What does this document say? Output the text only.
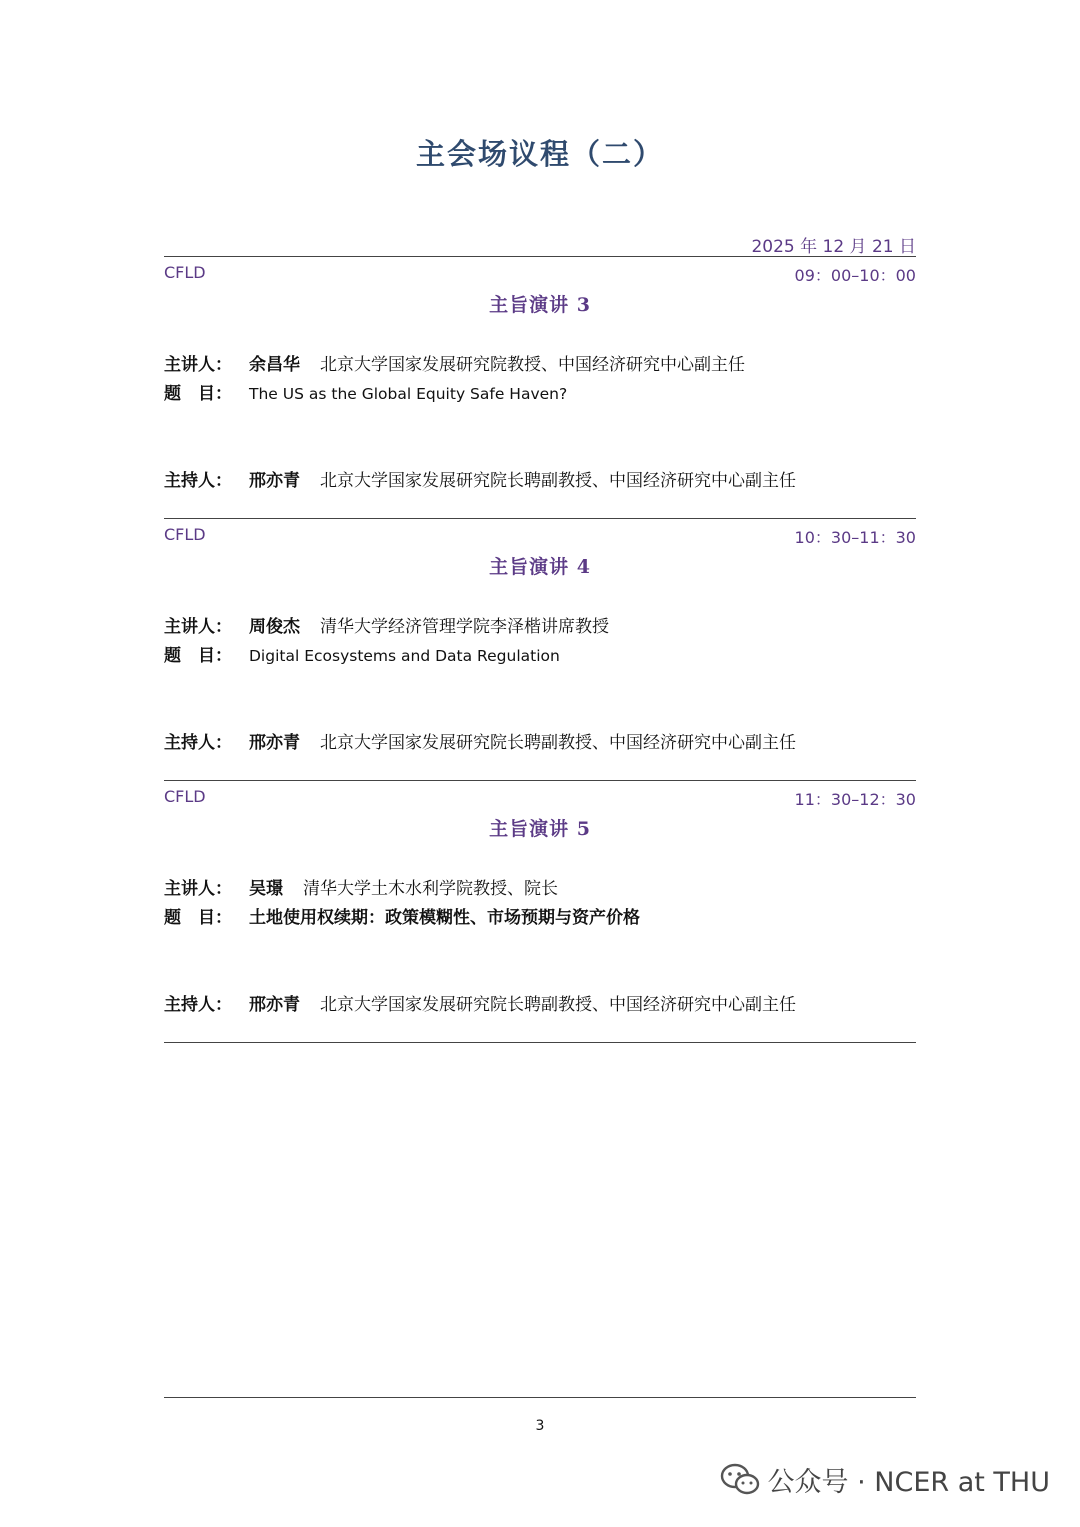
主会场议程（二）
2025 年 12 月 21 日
CFLD	09：00–10：00
主旨演讲 3
主讲人： 余昌华 北京大学国家发展研究院教授、中国经济研究中心副主任
题　目： The US as the Global Equity Safe Haven?
主持人： 邢亦青 北京大学国家发展研究院长聘副教授、中国经济研究中心副主任
CFLD	10：30–11：30
主旨演讲 4
主讲人： 周俊杰 清华大学经济管理学院李泽楷讲席教授
题　目： Digital Ecosystems and Data Regulation
主持人： 邢亦青 北京大学国家发展研究院长聘副教授、中国经济研究中心副主任
CFLD	11：30–12：30
主旨演讲 5
主讲人： 吴璟 清华大学土木水利学院教授、院长
题　目： 土地使用权续期：政策模糊性、市场预期与资产价格
主持人： 邢亦青 北京大学国家发展研究院长聘副教授、中国经济研究中心副主任
3
公众号 · NCER at THU
